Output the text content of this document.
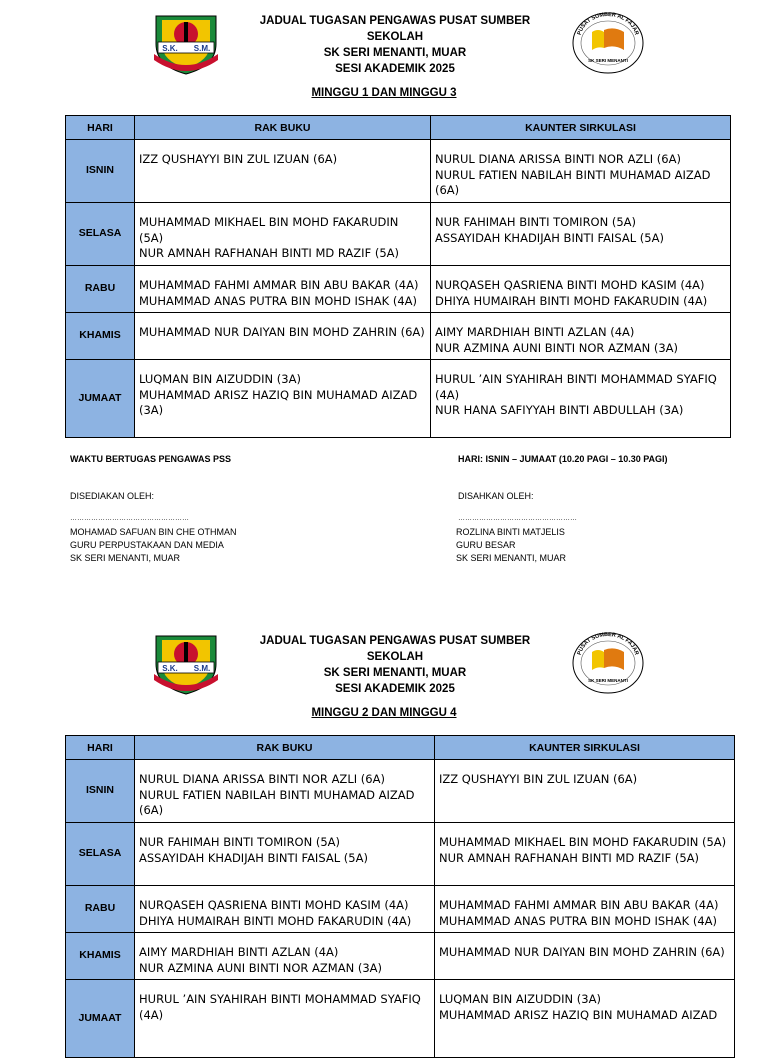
S.K. S.M.
JADUAL TUGASAN PENGAWAS PUSAT SUMBER SEKOLAH
SK SERI MENANTI, MUAR
SESI AKADEMIK 2025
PUSAT SUMBER AL FAJAR
SK SERI MENANTI
MINGGU 1 DAN MINGGU 3
HARI	RAK BUKU	KAUNTER SIRKULASI
ISNIN	IZZ QUSHAYYI BIN ZUL IZUAN (6A)	NURUL DIANA ARISSA BINTI NOR AZLI (6A)
NURUL FATIEN NABILAH BINTI MUHAMAD AIZAD (6A)

SELASA	MUHAMMAD MIKHAEL BIN MOHD FAKARUDIN (5A)
NUR AMNAH RAFHANAH BINTI MD RAZIF (5A)	NUR FAHIMAH BINTI TOMIRON (5A)
ASSAYIDAH KHADIJAH BINTI FAISAL (5A)

RABU	MUHAMMAD FAHMI AMMAR BIN ABU BAKAR (4A)
MUHAMMAD ANAS PUTRA BIN MOHD ISHAK (4A)	NURQASEH QASRIENA BINTI MOHD KASIM (4A)
DHIYA HUMAIRAH BINTI MOHD FAKARUDIN (4A)

KHAMIS	MUHAMMAD NUR DAIYAN BIN MOHD ZAHRIN (6A)	AIMY MARDHIAH BINTI AZLAN (4A)
NUR AZMINA AUNI BINTI NOR AZMAN (3A)

JUMAAT	LUQMAN BIN AIZUDDIN (3A)
MUHAMMAD ARISZ HAZIQ BIN MUHAMAD AIZAD (3A)	HURUL ’AIN SYAHIRAH BINTI MOHAMMAD SYAFIQ (4A)
NUR HANA SAFIYYAH BINTI ABDULLAH (3A)
WAKTU BERTUGAS PENGAWAS PSS	HARI: ISNIN – JUMAAT (10.20 PAGI – 10.30 PAGI)
DISEDIAKAN OLEH:	DISAHKAN OLEH:
……………………………………………	……………………………………………
MOHAMAD SAFUAN BIN CHE OTHMAN
GURU PERPUSTAKAAN DAN MEDIA
SK SERI MENANTI, MUAR
ROZLINA BINTI MATJELIS
GURU BESAR
SK SERI MENANTI, MUAR
S.K. S.M.
JADUAL TUGASAN PENGAWAS PUSAT SUMBER SEKOLAH
SK SERI MENANTI, MUAR
SESI AKADEMIK 2025
PUSAT SUMBER AL FAJAR
SK SERI MENANTI
MINGGU 2 DAN MINGGU 4
HARI	RAK BUKU	KAUNTER SIRKULASI
ISNIN	NURUL DIANA ARISSA BINTI NOR AZLI (6A)
NURUL FATIEN NABILAH BINTI MUHAMAD AIZAD (6A)	IZZ QUSHAYYI BIN ZUL IZUAN (6A)

SELASA	NUR FAHIMAH BINTI TOMIRON (5A)
ASSAYIDAH KHADIJAH BINTI FAISAL (5A)	MUHAMMAD MIKHAEL BIN MOHD FAKARUDIN (5A)
NUR AMNAH RAFHANAH BINTI MD RAZIF (5A)

RABU	NURQASEH QASRIENA BINTI MOHD KASIM (4A)
DHIYA HUMAIRAH BINTI MOHD FAKARUDIN (4A)	MUHAMMAD FAHMI AMMAR BIN ABU BAKAR (4A)
MUHAMMAD ANAS PUTRA BIN MOHD ISHAK (4A)

KHAMIS	AIMY MARDHIAH BINTI AZLAN (4A)
NUR AZMINA AUNI BINTI NOR AZMAN (3A)	MUHAMMAD NUR DAIYAN BIN MOHD ZAHRIN (6A)

JUMAAT	HURUL ’AIN SYAHIRAH BINTI MOHAMMAD SYAFIQ (4A)	LUQMAN BIN AIZUDDIN (3A)
MUHAMMAD ARISZ HAZIQ BIN MUHAMAD AIZAD
